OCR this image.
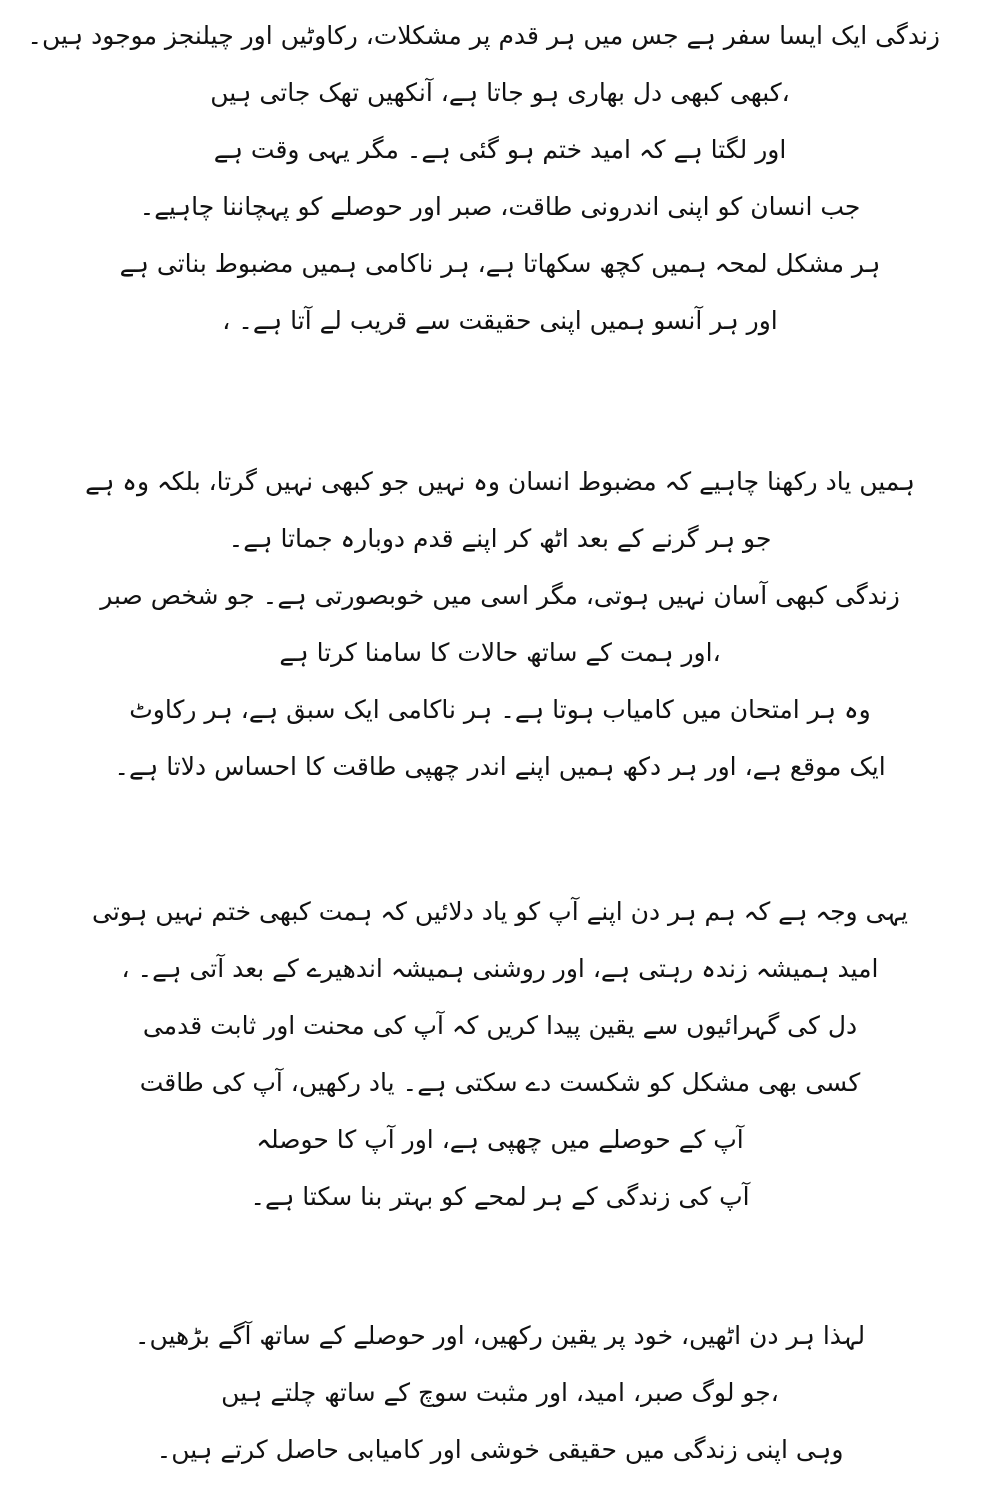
زندگی ایک ایسا سفر ہے جس میں ہر قدم پر مشکلات، رکاوٹیں اور چیلنجز موجود ہیں۔
،کبھی کبھی دل بھاری ہو جاتا ہے، آنکھیں تھک جاتی ہیں
اور لگتا ہے کہ امید ختم ہو گئی ہے۔ مگر یہی وقت ہے
جب انسان کو اپنی اندرونی طاقت، صبر اور حوصلے کو پہچاننا چاہیے۔
ہر مشکل لمحہ ہمیں کچھ سکھاتا ہے، ہر ناکامی ہمیں مضبوط بناتی ہے
اور ہر آنسو ہمیں اپنی حقیقت سے قریب لے آتا ہے۔ ،
ہمیں یاد رکھنا چاہیے کہ مضبوط انسان وہ نہیں جو کبھی نہیں گرتا، بلکہ وہ ہے
جو ہر گرنے کے بعد اٹھ کر اپنے قدم دوبارہ جماتا ہے۔
زندگی کبھی آسان نہیں ہوتی، مگر اسی میں خوبصورتی ہے۔ جو شخص صبر
،اور ہمت کے ساتھ حالات کا سامنا کرتا ہے
وہ ہر امتحان میں کامیاب ہوتا ہے۔ ہر ناکامی ایک سبق ہے، ہر رکاوٹ
ایک موقع ہے، اور ہر دکھ ہمیں اپنے اندر چھپی طاقت کا احساس دلاتا ہے۔
یہی وجہ ہے کہ ہم ہر دن اپنے آپ کو یاد دلائیں کہ ہمت کبھی ختم نہیں ہوتی
امید ہمیشہ زندہ رہتی ہے، اور روشنی ہمیشہ اندھیرے کے بعد آتی ہے۔ ،
دل کی گہرائیوں سے یقین پیدا کریں کہ آپ کی محنت اور ثابت قدمی
کسی بھی مشکل کو شکست دے سکتی ہے۔ یاد رکھیں، آپ کی طاقت
آپ کے حوصلے میں چھپی ہے، اور آپ کا حوصلہ
آپ کی زندگی کے ہر لمحے کو بہتر بنا سکتا ہے۔
لہذا ہر دن اٹھیں، خود پر یقین رکھیں، اور حوصلے کے ساتھ آگے بڑھیں۔
،جو لوگ صبر، امید، اور مثبت سوچ کے ساتھ چلتے ہیں
وہی اپنی زندگی میں حقیقی خوشی اور کامیابی حاصل کرتے ہیں۔
